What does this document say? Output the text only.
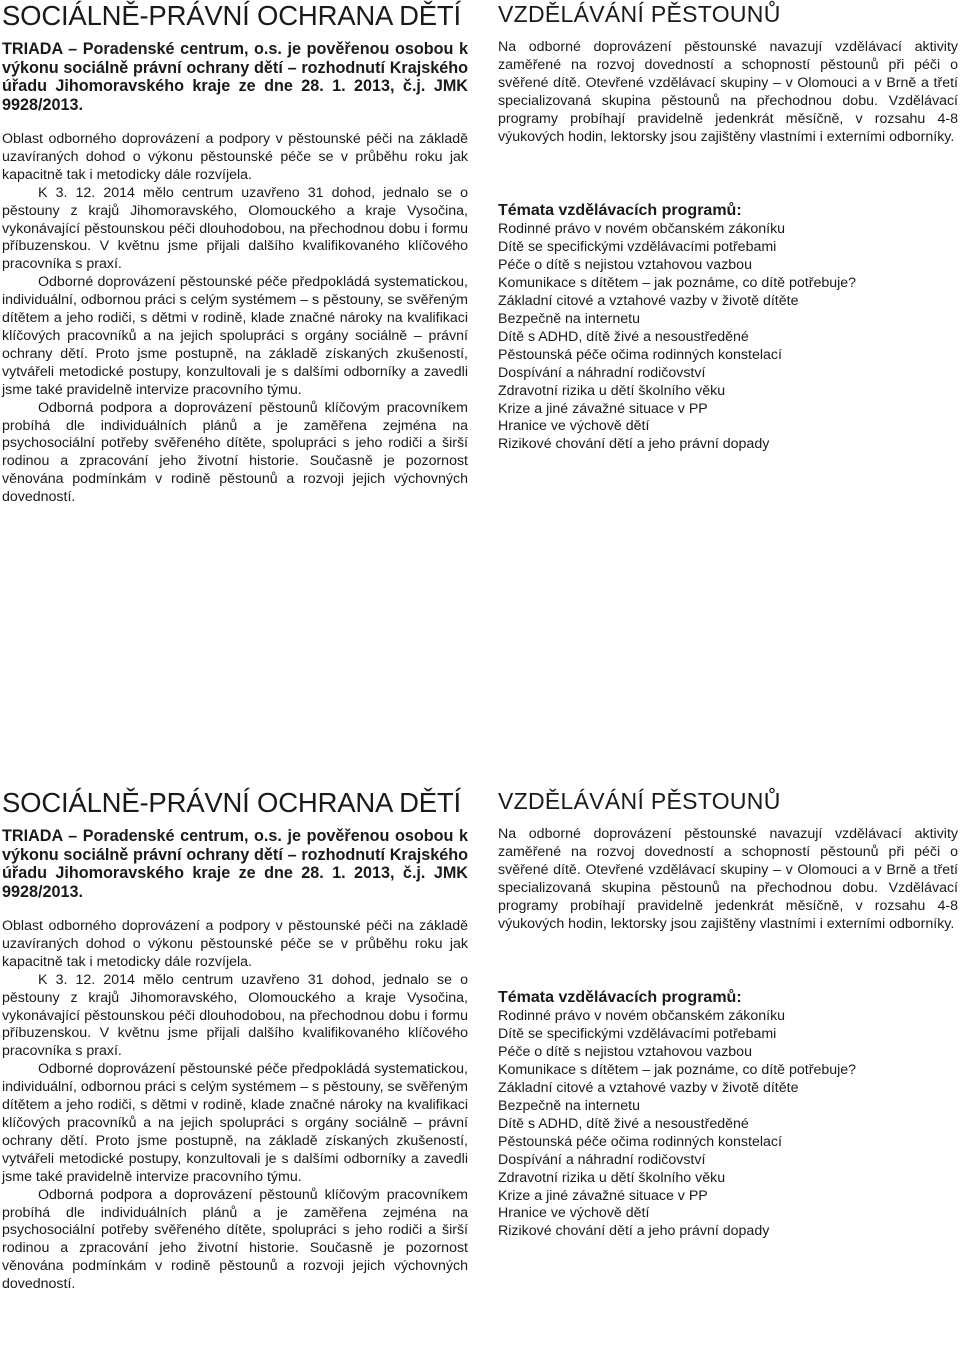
SOCIÁLNĚ-PRÁVNÍ OCHRANA DĚTÍ

TRIADA – Poradenské centrum, o.s. je pověřenou osobou k výkonu sociálně právní ochrany dětí – rozhodnutí Krajského úřadu Jihomoravského kraje ze dne 28. 1. 2013, č.j. JMK 9928/2013.

Oblast odborného doprovázení a podpory v pěstounské péči na základě uzavíraných dohod o výkonu pěstounské péče se v průběhu roku jak kapacitně tak i metodicky dále rozvíjela.

K 3. 12. 2014 mělo centrum uzavřeno 31 dohod, jednalo se o pěstouny z krajů Jihomoravského, Olomouckého a kraje Vysočina, vykonávající pěstounskou péči dlouhodobou, na přechodnou dobu i formu příbuzenskou. V květnu jsme přijali dalšího kvalifikovaného klíčového pracovníka s praxí.

Odborné doprovázení pěstounské péče předpokládá systematickou, individuální, odbornou práci s celým systémem – s pěstouny, se svěřeným dítětem a jeho rodiči, s dětmi v rodině, klade značné nároky na kvalifikaci klíčových pracovníků a na jejich spolupráci s orgány sociálně – právní ochrany dětí. Proto jsme postupně, na základě získaných zkušeností, vytvářeli metodické postupy, konzultovali je s dalšími odborníky a zavedli jsme také pravidelně intervize pracovního týmu.

Odborná podpora a doprovázení pěstounů klíčovým pracovníkem probíhá dle individuálních plánů a je zaměřena zejména na psychosociální potřeby svěřeného dítěte, spolupráci s jeho rodiči a širší rodinou a zpracování jeho životní historie. Současně je pozornost věnována podmínkám v rodině pěstounů a rozvoji jejich výchovných dovedností.

VZDĚLÁVÁNÍ PĚSTOUNŮ

Na odborné doprovázení pěstounské navazují vzdělávací aktivity zaměřené na rozvoj dovedností a schopností pěstounů při péči o svěřené dítě. Otevřené vzdělávací skupiny – v Olomouci a v Brně a třetí specializovaná skupina pěstounů na přechodnou dobu. Vzdělávací programy probíhají pravidelně jedenkrát měsíčně, v rozsahu 4-8 výukových hodin, lektorsky jsou zajištěny vlastními i externími odborníky.

Témata vzdělávacích programů:

Rodinné právo v novém občanském zákoníku
Dítě se specifickými vzdělávacími potřebami
Péče o dítě s nejistou vztahovou vazbou
Komunikace s dítětem – jak poznáme, co dítě potřebuje?
Základní citové a vztahové vazby v životě dítěte
Bezpečně na internetu
Dítě s ADHD, dítě živé a nesoustředěné
Pěstounská péče očima rodinných konstelací
Dospívání a náhradní rodičovství
Zdravotní rizika u dětí školního věku
Krize a jiné závažné situace v PP
Hranice ve výchově dětí
Rizikové chování dětí a jeho právní dopady
SOCIÁLNĚ-PRÁVNÍ OCHRANA DĚTÍ

TRIADA – Poradenské centrum, o.s. je pověřenou osobou k výkonu sociálně právní ochrany dětí – rozhodnutí Krajského úřadu Jihomoravského kraje ze dne 28. 1. 2013, č.j. JMK 9928/2013.

Oblast odborného doprovázení a podpory v pěstounské péči na základě uzavíraných dohod o výkonu pěstounské péče se v průběhu roku jak kapacitně tak i metodicky dále rozvíjela.

K 3. 12. 2014 mělo centrum uzavřeno 31 dohod, jednalo se o pěstouny z krajů Jihomoravského, Olomouckého a kraje Vysočina, vykonávající pěstounskou péči dlouhodobou, na přechodnou dobu i formu příbuzenskou. V květnu jsme přijali dalšího kvalifikovaného klíčového pracovníka s praxí.

Odborné doprovázení pěstounské péče předpokládá systematickou, individuální, odbornou práci s celým systémem – s pěstouny, se svěřeným dítětem a jeho rodiči, s dětmi v rodině, klade značné nároky na kvalifikaci klíčových pracovníků a na jejich spolupráci s orgány sociálně – právní ochrany dětí. Proto jsme postupně, na základě získaných zkušeností, vytvářeli metodické postupy, konzultovali je s dalšími odborníky a zavedli jsme také pravidelně intervize pracovního týmu.

Odborná podpora a doprovázení pěstounů klíčovým pracovníkem probíhá dle individuálních plánů a je zaměřena zejména na psychosociální potřeby svěřeného dítěte, spolupráci s jeho rodiči a širší rodinou a zpracování jeho životní historie. Současně je pozornost věnována podmínkám v rodině pěstounů a rozvoji jejich výchovných dovedností.

VZDĚLÁVÁNÍ PĚSTOUNŮ

Na odborné doprovázení pěstounské navazují vzdělávací aktivity zaměřené na rozvoj dovedností a schopností pěstounů při péči o svěřené dítě. Otevřené vzdělávací skupiny – v Olomouci a v Brně a třetí specializovaná skupina pěstounů na přechodnou dobu. Vzdělávací programy probíhají pravidelně jedenkrát měsíčně, v rozsahu 4-8 výukových hodin, lektorsky jsou zajištěny vlastními i externími odborníky.

Témata vzdělávacích programů:

Rodinné právo v novém občanském zákoníku
Dítě se specifickými vzdělávacími potřebami
Péče o dítě s nejistou vztahovou vazbou
Komunikace s dítětem – jak poznáme, co dítě potřebuje?
Základní citové a vztahové vazby v životě dítěte
Bezpečně na internetu
Dítě s ADHD, dítě živé a nesoustředěné
Pěstounská péče očima rodinných konstelací
Dospívání a náhradní rodičovství
Zdravotní rizika u dětí školního věku
Krize a jiné závažné situace v PP
Hranice ve výchově dětí
Rizikové chování dětí a jeho právní dopady
